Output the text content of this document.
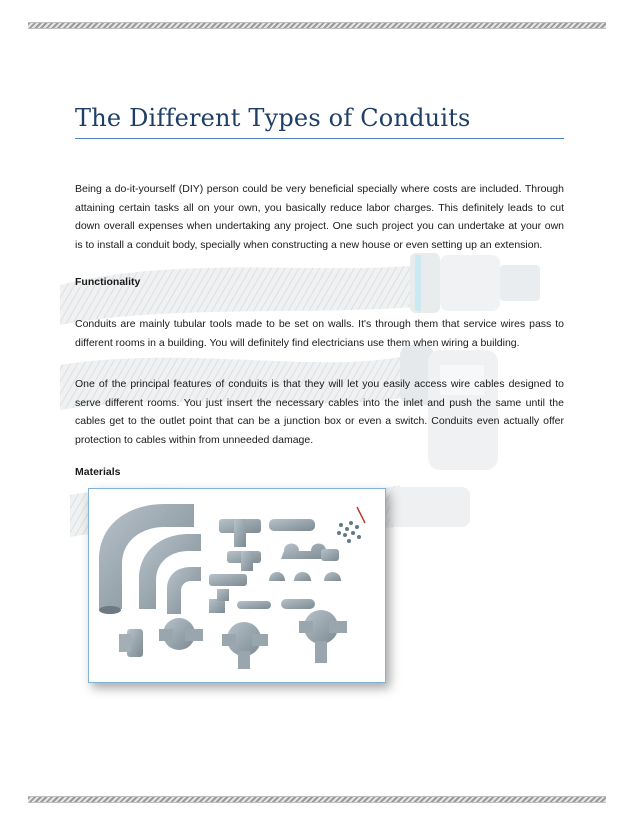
The Different Types of Conduits

Being a do-it-yourself (DIY) person could be very beneficial specially where costs are included. Through attaining certain tasks all on your own, you basically reduce labor charges. This definitely leads to cut down overall expenses when undertaking any project. One such project you can undertake at your own is to install a conduit body, specially when constructing a new house or even setting up an extension.

Functionality

Conduits are mainly tubular tools made to be set on walls. It's through them that service wires pass to different rooms in a building. You will definitely find electricians use them when wiring a building.

One of the principal features of conduits is that they will let you easily access wire cables designed to serve different rooms. You just insert the necessary cables into the inlet and push the same until the cables get to the outlet point that can be a junction box or even a switch. Conduits even actually offer protection to cables within from unneeded damage.

Materials
